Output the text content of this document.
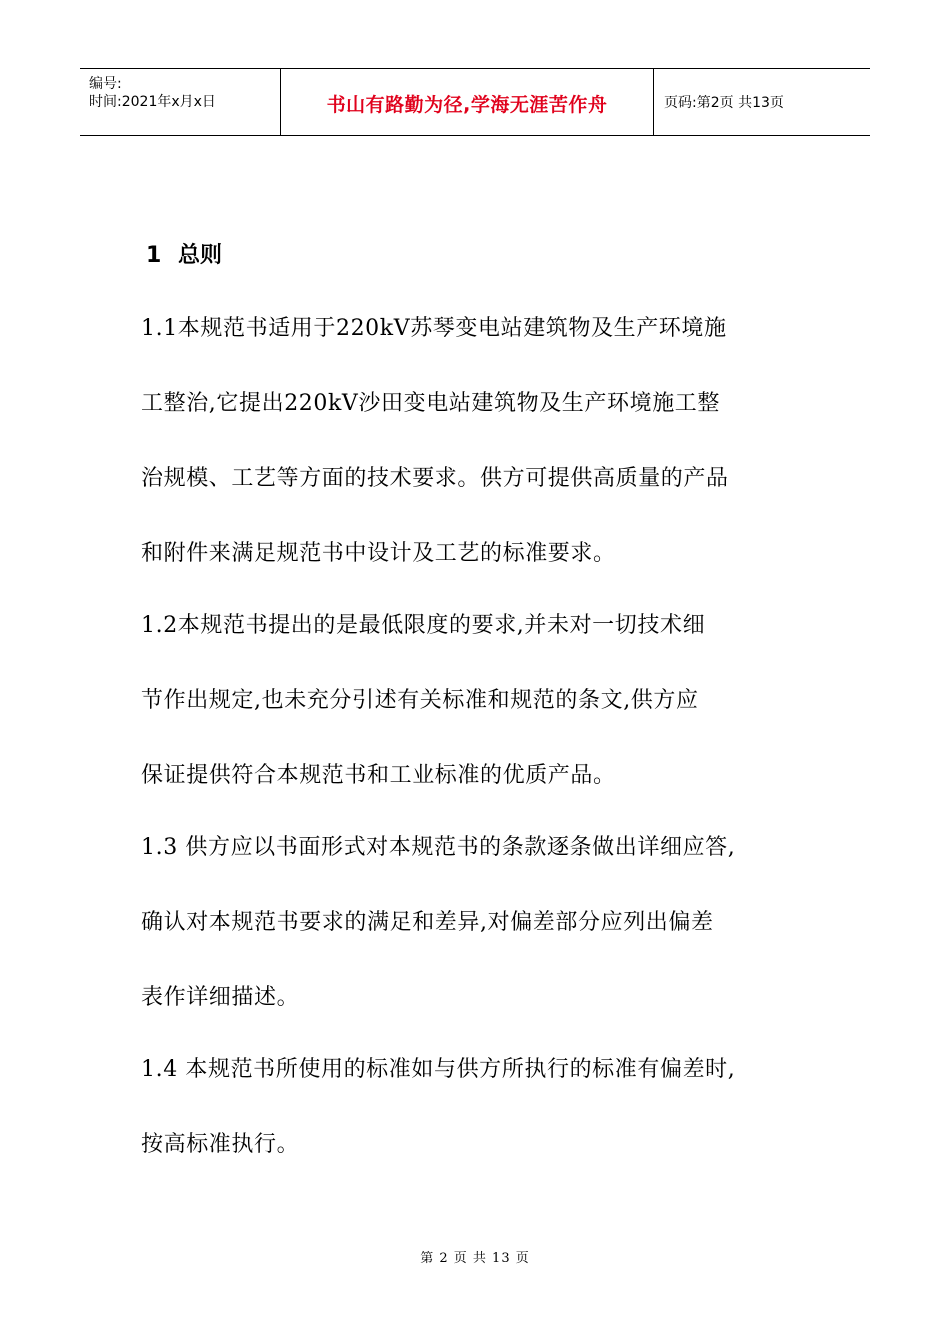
编号:
时间:2021年x月x日	书山有路勤为径,学海无涯苦作舟	页码:第2页 共13页
1 总则
1.1本规范书适用于220kV苏琴变电站建筑物及生产环境施
工整治,它提出220kV沙田变电站建筑物及生产环境施工整
治规模、工艺等方面的技术要求。供方可提供高质量的产品
和附件来满足规范书中设计及工艺的标准要求。
1.2本规范书提出的是最低限度的要求,并未对一切技术细
节作出规定,也未充分引述有关标准和规范的条文,供方应
保证提供符合本规范书和工业标准的优质产品。
1.3 供方应以书面形式对本规范书的条款逐条做出详细应答,
确认对本规范书要求的满足和差异,对偏差部分应列出偏差
表作详细描述。
1.4 本规范书所使用的标准如与供方所执行的标准有偏差时,
按高标准执行。
第 2 页 共 13 页
